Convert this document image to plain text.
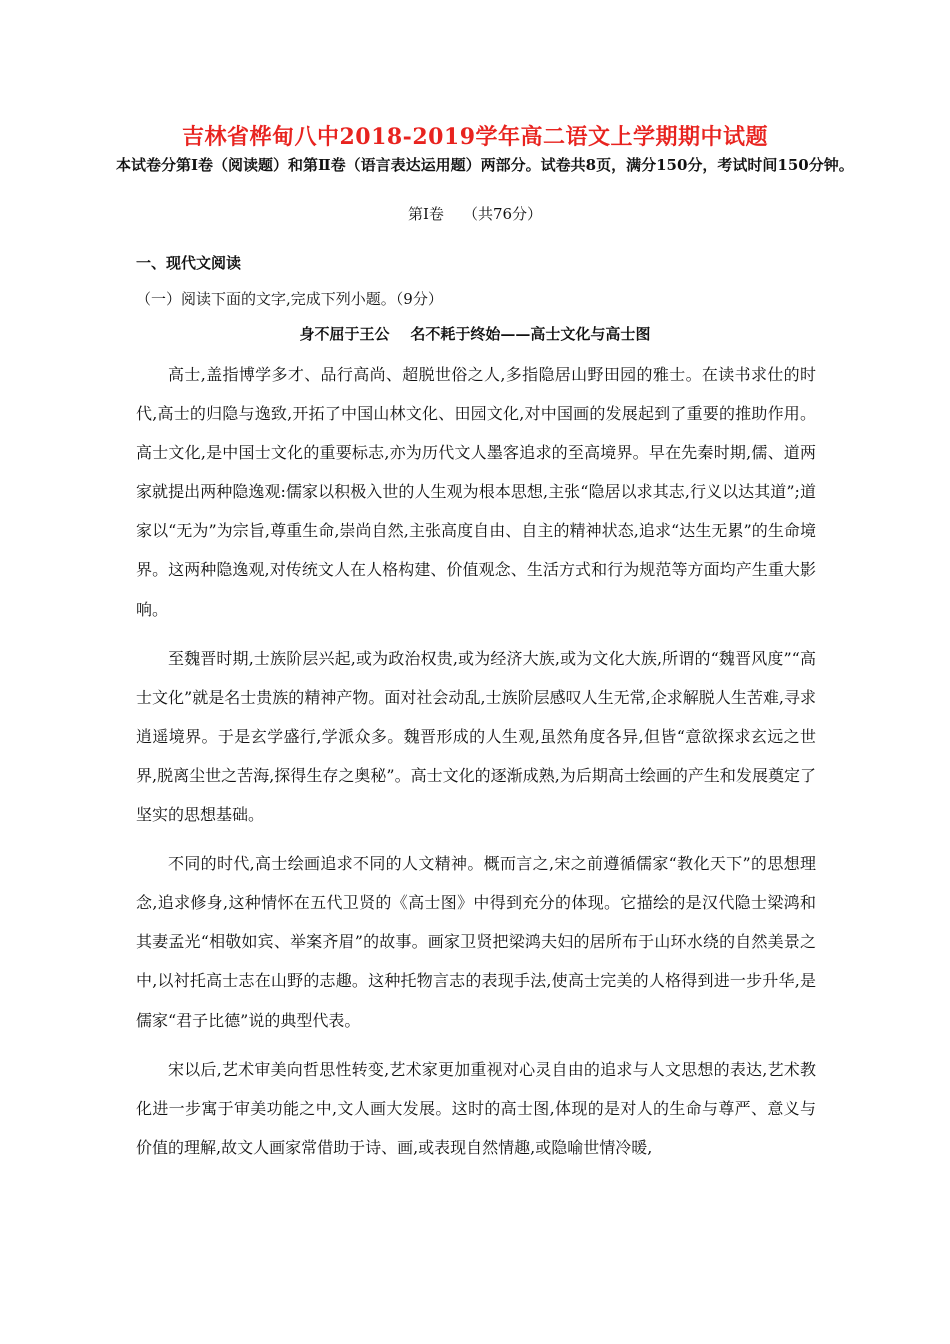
吉林省桦甸八中2018-2019学年高二语文上学期期中试题
本试卷分第Ⅰ卷（阅读题）和第Ⅱ卷（语言表达运用题）两部分。试卷共8页，满分150分，考试时间150分钟。
第Ⅰ卷    （共76分）
一、现代文阅读
（一）阅读下面的文字,完成下列小题。（9分）
身不屈于王公    名不耗于终始——高士文化与高士图

高士,盖指博学多才、品行高尚、超脱世俗之人,多指隐居山野田园的雅士。在读书求仕的时代,高士的归隐与逸致,开拓了中国山林文化、田园文化,对中国画的发展起到了重要的推助作用。高士文化,是中国士文化的重要标志,亦为历代文人墨客追求的至高境界。早在先秦时期,儒、道两家就提出两种隐逸观:儒家以积极入世的人生观为根本思想,主张“隐居以求其志,行义以达其道”;道家以“无为”为宗旨,尊重生命,崇尚自然,主张高度自由、自主的精神状态,追求“达生无累”的生命境界。这两种隐逸观,对传统文人在人格构建、价值观念、生活方式和行为规范等方面均产生重大影响。

至魏晋时期,士族阶层兴起,或为政治权贵,或为经济大族,或为文化大族,所谓的“魏晋风度”“高士文化”就是名士贵族的精神产物。面对社会动乱,士族阶层感叹人生无常,企求解脱人生苦难,寻求逍遥境界。于是玄学盛行,学派众多。魏晋形成的人生观,虽然角度各异,但皆“意欲探求玄远之世界,脱离尘世之苦海,探得生存之奥秘”。高士文化的逐渐成熟,为后期高士绘画的产生和发展奠定了坚实的思想基础。

不同的时代,高士绘画追求不同的人文精神。概而言之,宋之前遵循儒家“教化天下”的思想理念,追求修身,这种情怀在五代卫贤的《高士图》中得到充分的体现。它描绘的是汉代隐士梁鸿和其妻孟光“相敬如宾、举案齐眉”的故事。画家卫贤把梁鸿夫妇的居所布于山环水绕的自然美景之中,以衬托高士志在山野的志趣。这种托物言志的表现手法,使高士完美的人格得到进一步升华,是儒家“君子比德”说的典型代表。

宋以后,艺术审美向哲思性转变,艺术家更加重视对心灵自由的追求与人文思想的表达,艺术教化进一步寓于审美功能之中,文人画大发展。这时的高士图,体现的是对人的生命与尊严、意义与价值的理解,故文人画家常借助于诗、画,或表现自然情趣,或隐喻世情冷暖,
